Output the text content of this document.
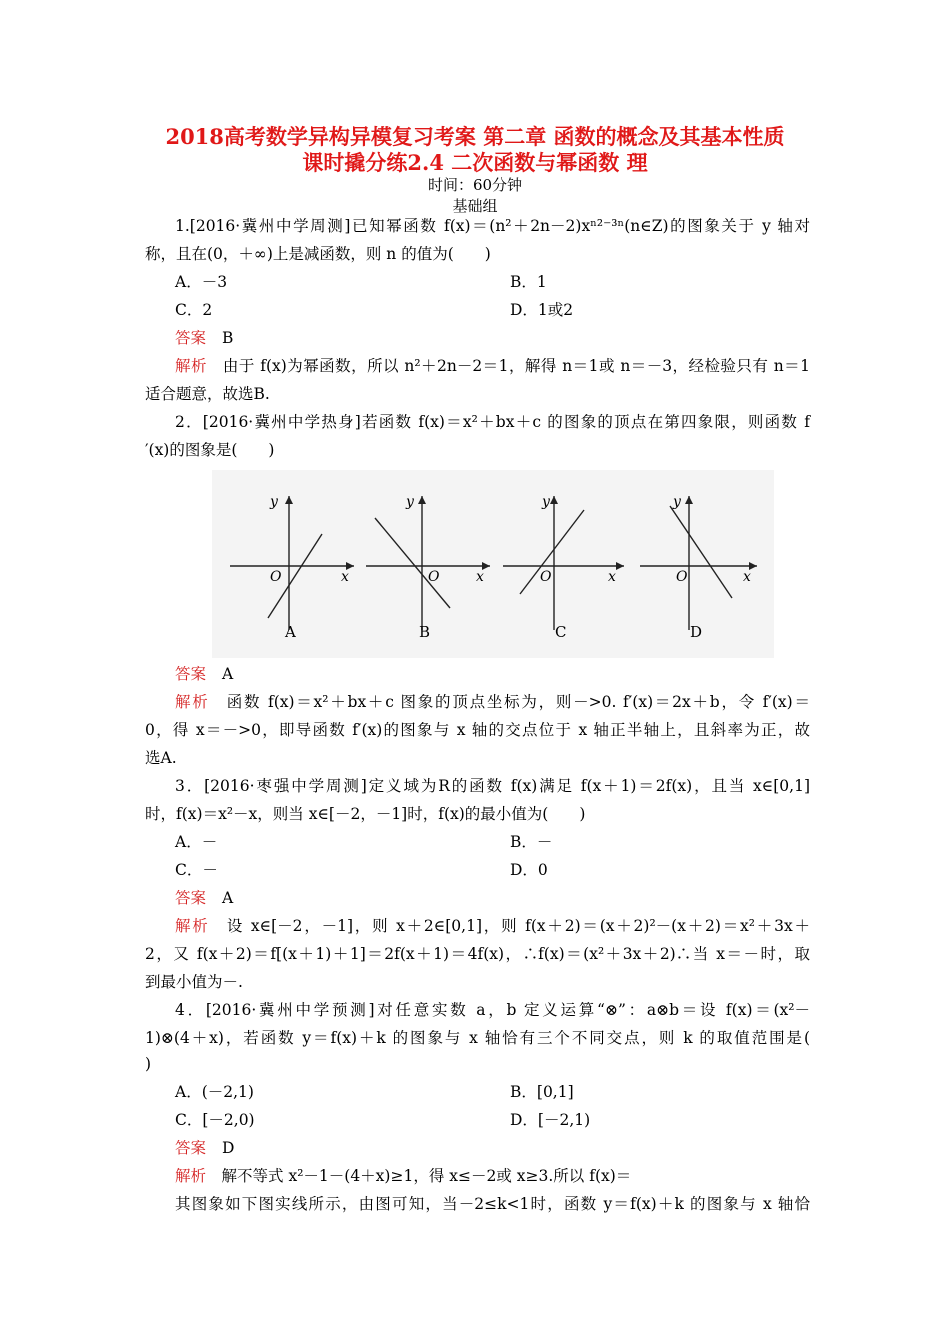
2018高考数学异构异模复习考案 第二章 函数的概念及其基本性质
课时撬分练2.4 二次函数与幂函数 理
时间：60分钟
基础组
1.[2016·冀州中学周测]已知幂函数 f(x)＝(n²＋2n－2)xⁿ²⁻³ⁿ(n∈Z)的图象关于 y 轴对
称，且在(0，＋∞)上是减函数，则 n 的值为(　　)
A．－3	B．1
C．2	D．1或2
答案 B
解析　 由于 f(x)为幂函数，所以 n²＋2n－2＝1，解得 n＝1或 n＝－3，经检验只有 n＝1
适合题意，故选B.
2．[2016·冀州中学热身]若函数 f(x)＝x²＋bx＋c 的图象的顶点在第四象限，则函数 f
′(x)的图象是(　　)
y
O	x
A
y
O	x
B
y
O	x
C
y
O	x
D
答案 A
解析　 函数 f(x)＝x²＋bx＋c 图象的顶点坐标为，则－>0. f′(x)＝2x＋b，令 f′(x)＝
0，得 x＝－>0，即导函数 f′(x)的图象与 x 轴的交点位于 x 轴正半轴上，且斜率为正，故
选A.
3．[2016·枣强中学周测]定义域为R的函数 f(x)满足 f(x＋1)＝2f(x)，且当 x∈[0,1]
时，f(x)＝x²－x，则当 x∈[－2，－1]时，f(x)的最小值为(　　)
A．－	B．－
C．－	D．0
答案 A
解析　 设 x∈[－2，－1]，则 x＋2∈[0,1]，则 f(x＋2)＝(x＋2)²－(x＋2)＝x²＋3x＋
2，又 f(x＋2)＝f[(x＋1)＋1]＝2f(x＋1)＝4f(x)，∴f(x)＝(x²＋3x＋2)∴当 x＝－时，取
到最小值为－.
4．[2016·冀州中学预测]对任意实数 a，b 定义运算“⊗”：a⊗b＝设 f(x)＝(x²－
1)⊗(4＋x)，若函数 y＝f(x)＋k 的图象与 x 轴恰有三个不同交点，则 k 的取值范围是(
)
A．(－2,1)	B．[0,1]
C．[－2,0)	D．[－2,1)
答案 D
解析　 解不等式 x²－1－(4＋x)≥1，得 x≤－2或 x≥3.所以 f(x)＝
其图象如下图实线所示，由图可知，当－2≤k<1时，函数 y＝f(x)＋k 的图象与 x 轴恰
